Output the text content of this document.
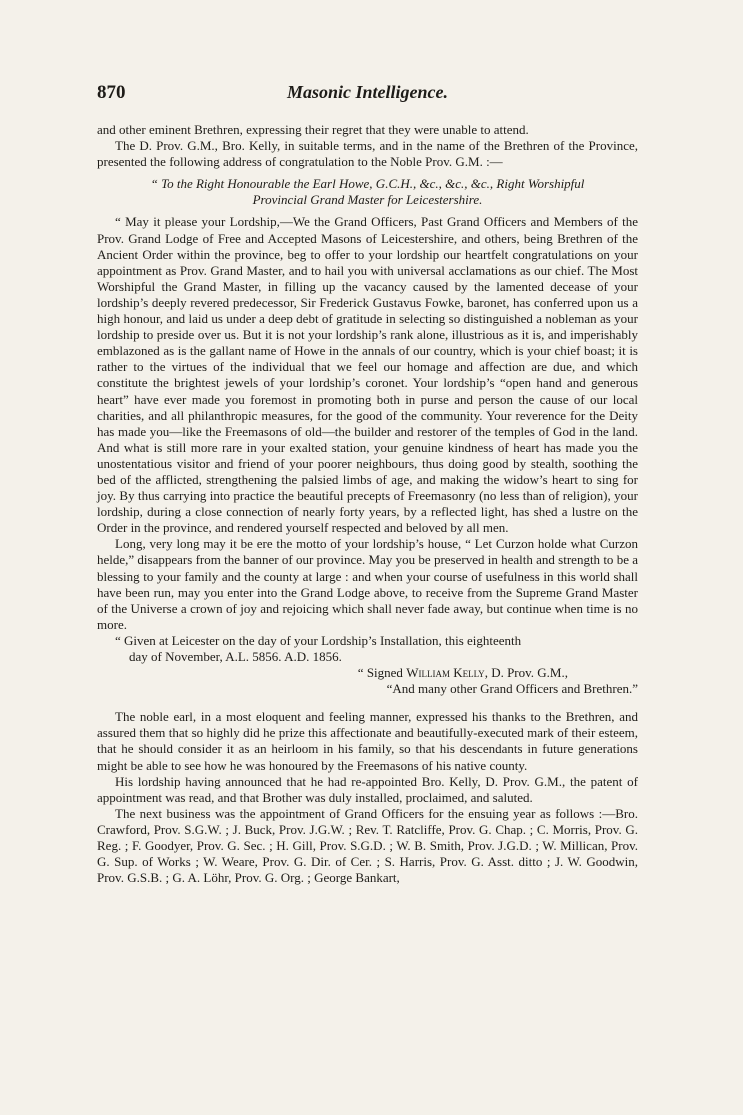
870	Masonic Intelligence.

and other eminent Brethren, expressing their regret that they were unable to attend.

The D. Prov. G.M., Bro. Kelly, in suitable terms, and in the name of the Brethren of the Province, presented the following address of congratulation to the Noble Prov. G.M. :—

“ To the Right Honourable the Earl Howe, G.C.H., &c., &c., &c., Right Worshipful
Provincial Grand Master for Leicestershire.

“ May it please your Lordship,—We the Grand Officers, Past Grand Officers and Members of the Prov. Grand Lodge of Free and Accepted Masons of Leicestershire, and others, being Brethren of the Ancient Order within the province, beg to offer to your lordship our heartfelt congratulations on your appointment as Prov. Grand Master, and to hail you with universal acclamations as our chief. The Most Worshipful the Grand Master, in filling up the vacancy caused by the lamented decease of your lordship’s deeply revered predecessor, Sir Frederick Gustavus Fowke, baronet, has conferred upon us a high honour, and laid us under a deep debt of gratitude in selecting so distinguished a nobleman as your lordship to preside over us. But it is not your lordship’s rank alone, illustrious as it is, and imperishably emblazoned as is the gallant name of Howe in the annals of our country, which is your chief boast; it is rather to the virtues of the individual that we feel our homage and affection are due, and which constitute the brightest jewels of your lordship’s coronet. Your lordship’s “open hand and generous heart” have ever made you foremost in promoting both in purse and person the cause of our local charities, and all philanthropic measures, for the good of the community. Your reverence for the Deity has made you—like the Freemasons of old—the builder and restorer of the temples of God in the land. And what is still more rare in your exalted station, your genuine kindness of heart has made you the unostentatious visitor and friend of your poorer neighbours, thus doing good by stealth, soothing the bed of the afflicted, strengthening the palsied limbs of age, and making the widow’s heart to sing for joy. By thus carrying into practice the beautiful precepts of Freemasonry (no less than of religion), your lordship, during a close connection of nearly forty years, by a reflected light, has shed a lustre on the Order in the province, and rendered yourself respected and beloved by all men.

Long, very long may it be ere the motto of your lordship’s house, “ Let Curzon holde what Curzon helde,” disappears from the banner of our province. May you be preserved in health and strength to be a blessing to your family and the county at large : and when your course of usefulness in this world shall have been run, may you enter into the Grand Lodge above, to receive from the Supreme Grand Master of the Universe a crown of joy and rejoicing which shall never fade away, but continue when time is no more.

“ Given at Leicester on the day of your Lordship’s Installation, this eighteenth

day of November, A.L. 5856. A.D. 1856.

“ Signed William Kelly, D. Prov. G.M.,

“And many other Grand Officers and Brethren.”

The noble earl, in a most eloquent and feeling manner, expressed his thanks to the Brethren, and assured them that so highly did he prize this affectionate and beautifully-executed mark of their esteem, that he should consider it as an heirloom in his family, so that his descendants in future generations might be able to see how he was honoured by the Freemasons of his native county.

His lordship having announced that he had re-appointed Bro. Kelly, D. Prov. G.M., the patent of appointment was read, and that Brother was duly installed, proclaimed, and saluted.

The next business was the appointment of Grand Officers for the ensuing year as follows :—Bro. Crawford, Prov. S.G.W. ; J. Buck, Prov. J.G.W. ; Rev. T. Ratcliffe, Prov. G. Chap. ; C. Morris, Prov. G. Reg. ; F. Goodyer, Prov. G. Sec. ; H. Gill, Prov. S.G.D. ; W. B. Smith, Prov. J.G.D. ; W. Millican, Prov. G. Sup. of Works ; W. Weare, Prov. G. Dir. of Cer. ; S. Harris, Prov. G. Asst. ditto ; J. W. Goodwin, Prov. G.S.B. ; G. A. Löhr, Prov. G. Org. ; George Bankart,
